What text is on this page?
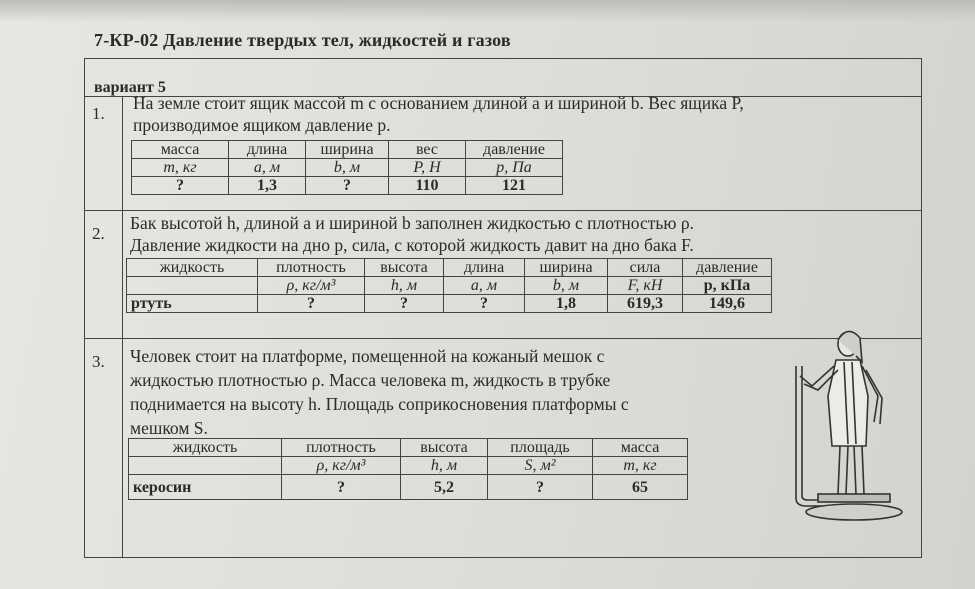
7-КР-02 Давление твердых тел, жидкостей и газов
вариант 5
1.
На земле стоит ящик массой m с основанием длиной a и шириной b. Вес ящика P,
производимое ящиком давление p.
масса	длина	ширина	вес	давление
m, кг	a, м	b, м	P, Н	p, Па
?	1,3	?	110	121
2.
Бак высотой h, длиной a и шириной b заполнен жидкостью с плотностью ρ.
Давление жидкости на дно p, сила, с которой жидкость давит на дно бака F.
жидкость	плотность	высота	длина	ширина	сила	давление
	ρ, кг/м³	h, м	a, м	b, м	F, кН	p, кПа
ртуть	?	?	?	1,8	619,3	149,6
3. Человек стоит на платформе, помещенной на кожаный мешок с
жидкостью плотностью ρ. Масса человека m, жидкость в трубке
поднимается на высоту h. Площадь соприкосновения платформы с
мешком S.
жидкость	плотность	высота	площадь	масса
	ρ, кг/м³	h, м	S, м²	m, кг
керосин	?	5,2	?	65
